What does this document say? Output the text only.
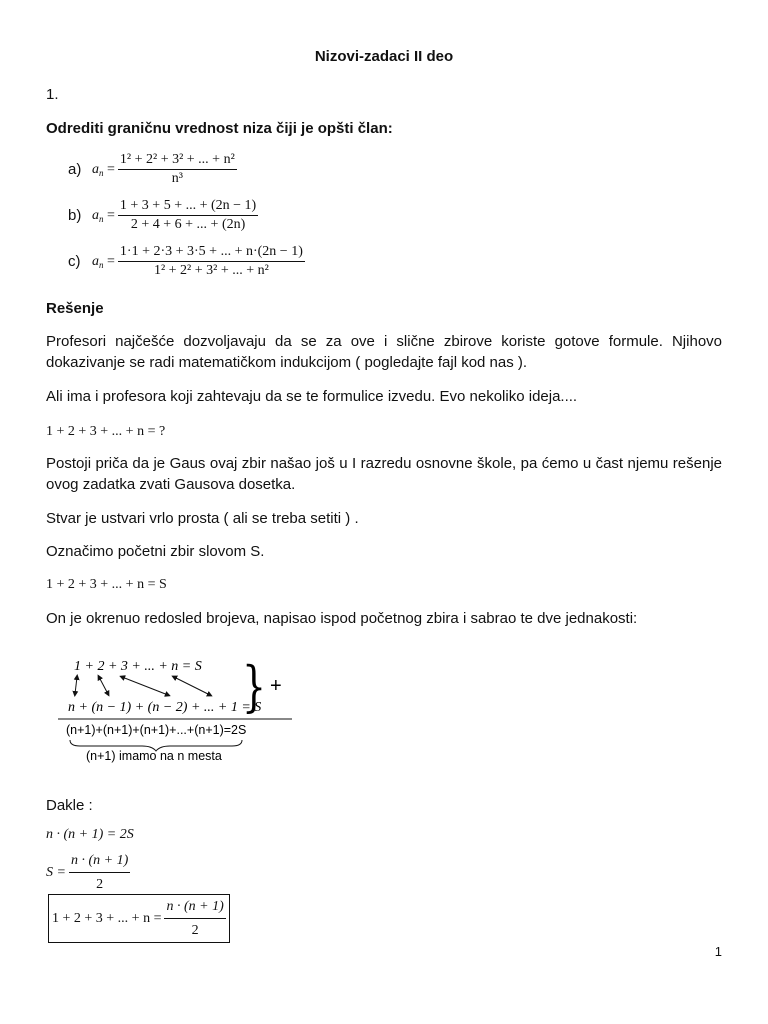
Nizovi-zadaci II deo
1.
Odrediti graničnu vrednost niza čiji je opšti član:
a) $a_n = \frac{\text{1² + 2² + 3² + ... + n²}}{\text{n³}}$
b) $a_n = \frac{1 + 3 + 5 + ... + (2n - 1)}{2 + 4 + 6 + ... + (2n)}$
c) $a_n = \frac{1\cdot 1 + 2\cdot 3 + 3\cdot 5 + ... + n\cdot(2n - 1)}{\text{1² + 2² + 3² + ... + n²}}$
Rešenje
Profesori najčešće dozvoljavaju da se za ove i slične zbirove koriste gotove formule. Njihovo dokazivanje se radi matematičkom indukcijom ( pogledajte fajl kod nas ).
Ali ima i profesora koji zahtevaju da se te formulice izvedu. Evo nekoliko ideja....
1 + 2 + 3 + ... + n = ?
Postoji priča da je Gaus ovaj zbir našao još u I razredu osnovne škole, pa ćemo u čast njemu rešenje ovog zadatka zvati Gausova dosetka.
Stvar je ustvari vrlo prosta ( ali se treba setiti ) .
Označimo početni zbir slovom S.
1 + 2 + 3 + ... + n = S
On je okrenuo redosled brojeva, napisao ispod početnog zbira i sabrao te dve jednakosti:
1 + 2 + 3 + ... + n = S
n + (n − 1) + (n − 2) + ... + 1 = S
} +
(n+1)+(n+1)+(n+1)+...+(n+1)=2S
(n+1) imamo na n mesta
Dakle :
n · (n + 1) = 2S
$S = \frac{n \cdot (n + 1)}{2}$
1 + 2 + 3 + ... + $n = \frac{n \cdot (n + 1)}{2}$
1
